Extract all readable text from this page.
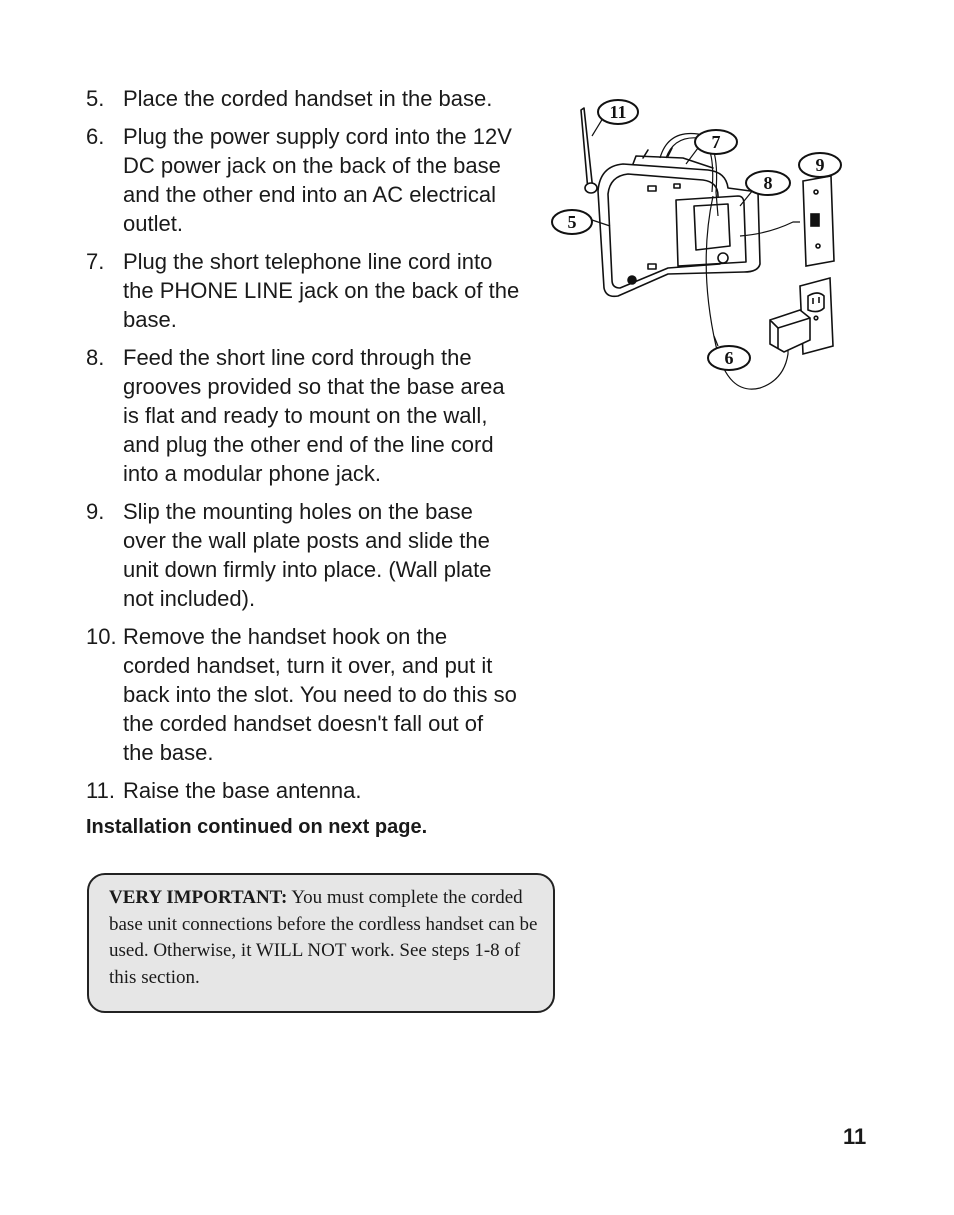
5. Place the corded handset in the base.
6. Plug the power supply cord into the 12V
DC power jack on the back of the base
and the other end into an AC electrical
outlet.
7. Plug the short telephone line cord into
the PHONE LINE jack on the back of the
base.
8. Feed the short line cord through the
grooves provided so that the base area
is flat and ready to mount on the wall,
and plug the other end of the line cord
into a modular phone jack.
9. Slip the mounting holes on the base
over the wall plate posts and slide the
unit down firmly into place. (Wall plate
not included).
10. Remove the handset hook on the
corded handset, turn it over, and put it
back into the slot. You need to do this so
the corded handset doesn't fall out of
the base.
11. Raise the base antenna.

Installation continued on next page.

VERY IMPORTANT: You must complete the corded base unit connections before the cordless handset can be used. Otherwise, it WILL NOT work. See steps 1-8 of this section.
11
7
9
8
5
6
11
